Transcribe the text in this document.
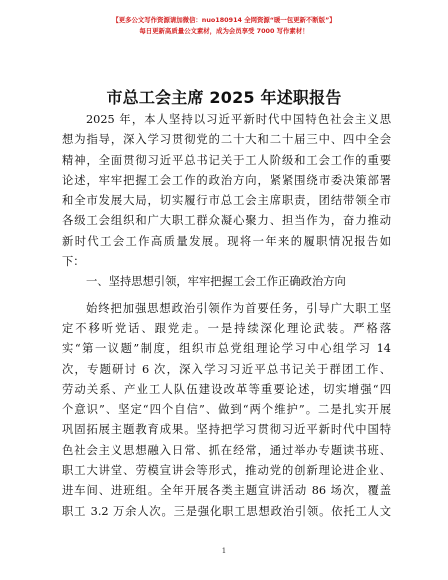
【更多公文写作资源请加微信：nuo180914 全网资源“暖一包更新不断版”】
每日更新高质量公文素材，成为会员享受 7000 写作素材！
市总工会主席 2025 年述职报告
2025 年，本人坚持以习近平新时代中国特色社会主义思
想为指导，深入学习贯彻党的二十大和二十届三中、四中全会
精神，全面贯彻习近平总书记关于工人阶级和工会工作的重要
论述，牢牢把握工会工作的政治方向，紧紧围绕市委决策部署
和全市发展大局，切实履行市总工会主席职责，团结带领全市
各级工会组织和广大职工群众凝心聚力、担当作为，奋力推动
新时代工会工作高质量发展。现将一年来的履职情况报告如
下：
一、坚持思想引领，牢牢把握工会工作正确政治方向
始终把加强思想政治引领作为首要任务，引导广大职工坚
定不移听党话、跟党走。一是持续深化理论武装。严格落
实“第一议题”制度，组织市总党组理论学习中心组学习 14
次，专题研讨 6 次，深入学习习近平总书记关于群团工作、
劳动关系、产业工人队伍建设改革等重要论述，切实增强“四
个意识”、坚定“四个自信”、做到“两个维护”。二是扎实开展
巩固拓展主题教育成果。坚持把学习贯彻习近平新时代中国特
色社会主义思想融入日常、抓在经常，通过举办专题读书班、
职工大讲堂、劳模宣讲会等形式，推动党的创新理论进企业、
进车间、进班组。全年开展各类主题宣讲活动 86 场次，覆盖
职工 3.2 万余人次。三是强化职工思想政治引领。依托工人文
1
